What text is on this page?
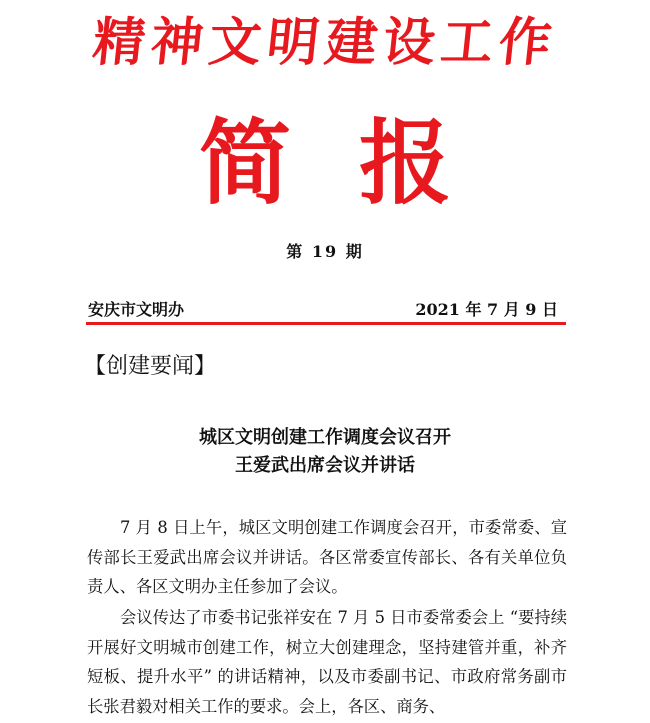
精神文明建设工作
简报
第 19 期
安庆市文明办	2021 年 7 月 9 日
【创建要闻】
城区文明创建工作调度会议召开
王爱武出席会议并讲话

7 月 8 日上午，城区文明创建工作调度会召开，市委常委、宣传部长王爱武出席会议并讲话。各区常委宣传部长、各有关单位负责人、各区文明办主任参加了会议。

会议传达了市委书记张祥安在 7 月 5 日市委常委会上 “要持续开展好文明城市创建工作，树立大创建理念，坚持建管并重，补齐短板、提升水平” 的讲话精神，以及市委副书记、市政府常务副市长张君毅对相关工作的要求。会上，各区、商务、
